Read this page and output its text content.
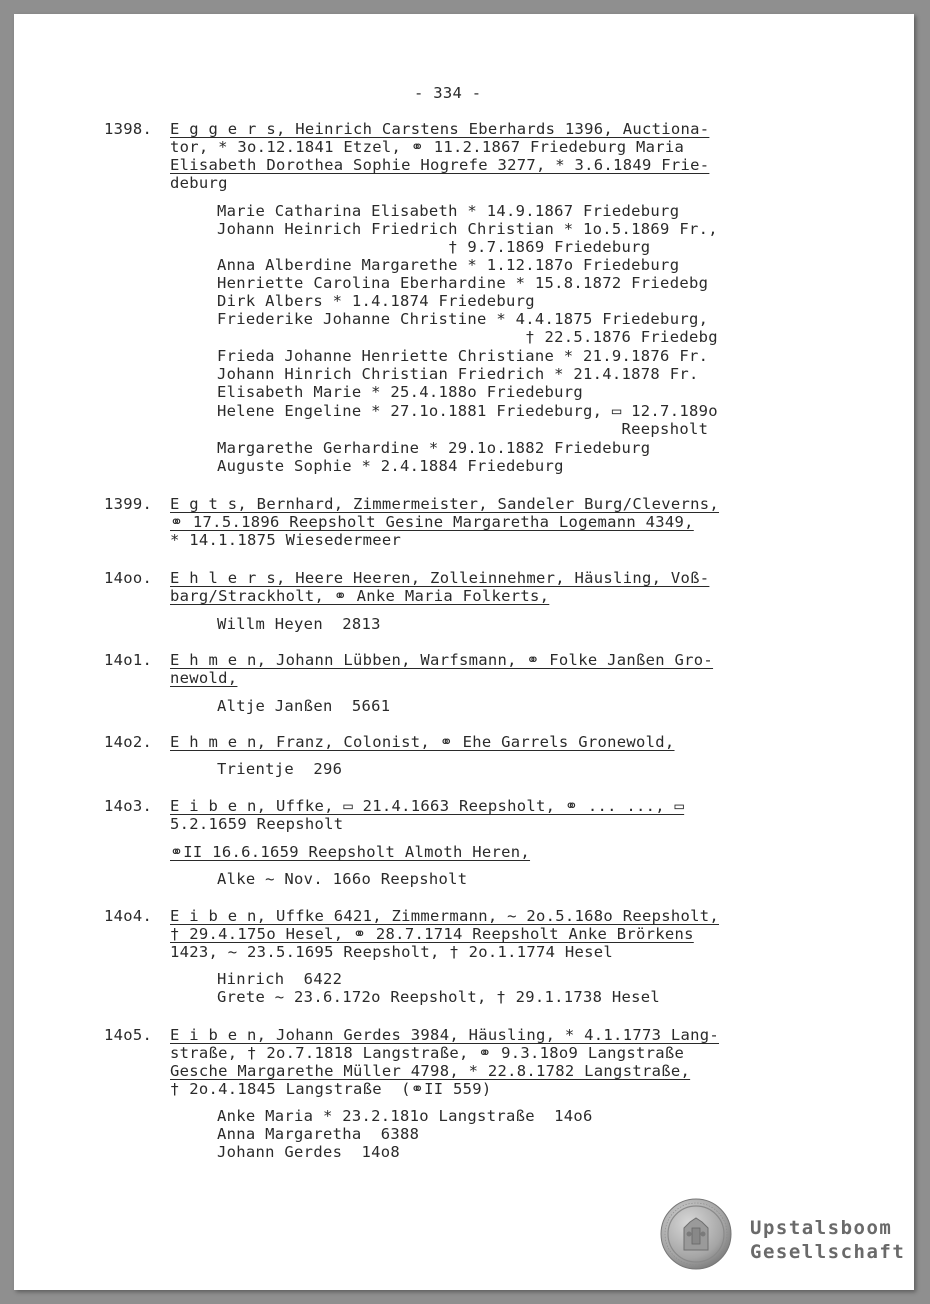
- 334 -
1398. E g g e r s, Heinrich Carstens Eberhards 1396, Auctiona-
tor, * 3o.12.1841 Etzel, ⚭ 11.2.1867 Friedeburg Maria
Elisabeth Dorothea Sophie Hogrefe 3277, * 3.6.1849 Frie-
deburg
Marie Catharina Elisabeth * 14.9.1867 Friedeburg
Johann Heinrich Friedrich Christian * 1o.5.1869 Fr.,
† 9.7.1869 Friedeburg
Anna Alberdine Margarethe * 1.12.187o Friedeburg
Henriette Carolina Eberhardine * 15.8.1872 Friedebg
Dirk Albers * 1.4.1874 Friedeburg
Friederike Johanne Christine * 4.4.1875 Friedeburg,
† 22.5.1876 Friedebg
Frieda Johanne Henriette Christiane * 21.9.1876 Fr.
Johann Hinrich Christian Friedrich * 21.4.1878 Fr.
Elisabeth Marie * 25.4.188o Friedeburg
Helene Engeline * 27.1o.1881 Friedeburg, ▭ 12.7.189o
Reepsholt
Margarethe Gerhardine * 29.1o.1882 Friedeburg
Auguste Sophie * 2.4.1884 Friedeburg
1399. E g t s, Bernhard, Zimmermeister, Sandeler Burg/Cleverns,
⚭ 17.5.1896 Reepsholt Gesine Margaretha Logemann 4349,
* 14.1.1875 Wiesedermeer
14oo. E h l e r s, Heere Heeren, Zolleinnehmer, Häusling, Voß-
barg/Strackholt, ⚭ Anke Maria Folkerts,
Willm Heyen  2813
14o1. E h m e n, Johann Lübben, Warfsmann, ⚭ Folke Janßen Gro-
newold,
Altje Janßen  5661
14o2. E h m e n, Franz, Colonist, ⚭ Ehe Garrels Gronewold,
Trientje  296
14o3. E i b e n, Uffke, ▭ 21.4.1663 Reepsholt, ⚭ ... ..., ▭
5.2.1659 Reepsholt
⚭II 16.6.1659 Reepsholt Almoth Heren,
Alke ~ Nov. 166o Reepsholt
14o4. E i b e n, Uffke 6421, Zimmermann, ~ 2o.5.168o Reepsholt,
† 29.4.175o Hesel, ⚭ 28.7.1714 Reepsholt Anke Brörkens
1423, ~ 23.5.1695 Reepsholt, † 2o.1.1774 Hesel
Hinrich  6422
Grete ~ 23.6.172o Reepsholt, † 29.1.1738 Hesel
14o5. E i b e n, Johann Gerdes 3984, Häusling, * 4.1.1773 Lang-
straße, † 2o.7.1818 Langstraße, ⚭ 9.3.18o9 Langstraße
Gesche Margarethe Müller 4798, * 22.8.1782 Langstraße,
† 2o.4.1845 Langstraße  (⚭II 559)
Anke Maria * 23.2.181o Langstraße  14o6
Anna Margaretha  6388
Johann Gerdes  14o8
Upstalsboom
Gesellschaft
